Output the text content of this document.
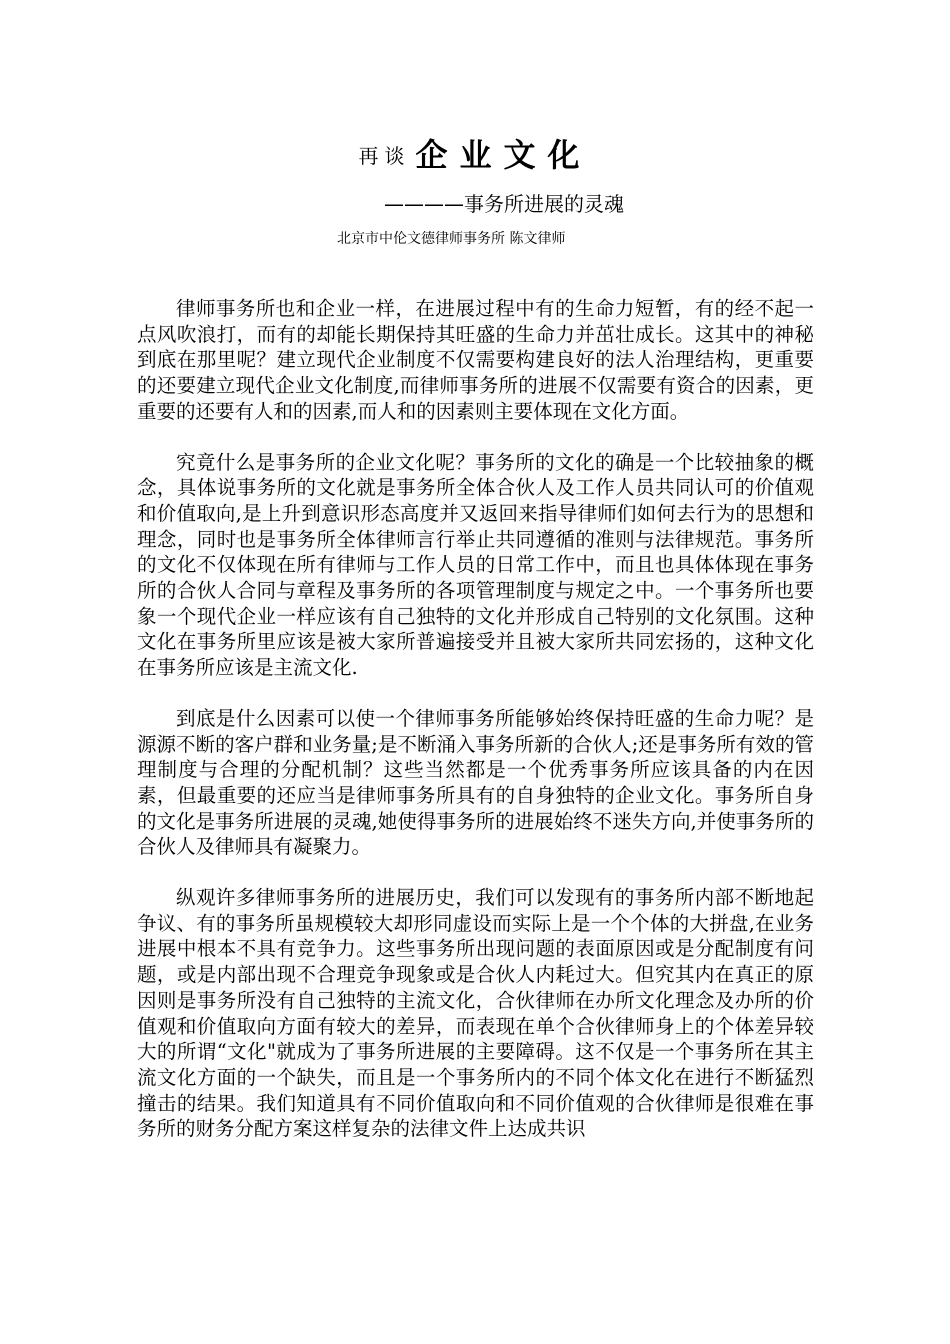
再谈 企业文化
————事务所进展的灵魂
北京市中伦文德律师事务所 陈文律师

律师事务所也和企业一样，在进展过程中有的生命力短暂，有的经不起一点风吹浪打，而有的却能长期保持其旺盛的生命力并茁壮成长。这其中的神秘到底在那里呢？建立现代企业制度不仅需要构建良好的法人治理结构，更重要的还要建立现代企业文化制度,而律师事务所的进展不仅需要有资合的因素，更重要的还要有人和的因素,而人和的因素则主要体现在文化方面。

究竟什么是事务所的企业文化呢？事务所的文化的确是一个比较抽象的概念，具体说事务所的文化就是事务所全体合伙人及工作人员共同认可的价值观和价值取向,是上升到意识形态高度并又返回来指导律师们如何去行为的思想和理念，同时也是事务所全体律师言行举止共同遵循的准则与法律规范。事务所的文化不仅体现在所有律师与工作人员的日常工作中，而且也具体体现在事务所的合伙人合同与章程及事务所的各项管理制度与规定之中。一个事务所也要象一个现代企业一样应该有自己独特的文化并形成自己特别的文化氛围。这种文化在事务所里应该是被大家所普遍接受并且被大家所共同宏扬的，这种文化在事务所应该是主流文化.

到底是什么因素可以使一个律师事务所能够始终保持旺盛的生命力呢？是源源不断的客户群和业务量;是不断涌入事务所新的合伙人;还是事务所有效的管理制度与合理的分配机制？这些当然都是一个优秀事务所应该具备的内在因素，但最重要的还应当是律师事务所具有的自身独特的企业文化。事务所自身的文化是事务所进展的灵魂,她使得事务所的进展始终不迷失方向,并使事务所的合伙人及律师具有凝聚力。

纵观许多律师事务所的进展历史，我们可以发现有的事务所内部不断地起争议、有的事务所虽规模较大却形同虚设而实际上是一个个体的大拼盘,在业务进展中根本不具有竞争力。这些事务所出现问题的表面原因或是分配制度有问题，或是内部出现不合理竞争现象或是合伙人内耗过大。但究其内在真正的原因则是事务所没有自己独特的主流文化，合伙律师在办所文化理念及办所的价值观和价值取向方面有较大的差异，而表现在单个合伙律师身上的个体差异较大的所谓“文化"就成为了事务所进展的主要障碍。这不仅是一个事务所在其主流文化方面的一个缺失，而且是一个事务所内的不同个体文化在进行不断猛烈撞击的结果。我们知道具有不同价值取向和不同价值观的合伙律师是很难在事务所的财务分配方案这样复杂的法律文件上达成共识
